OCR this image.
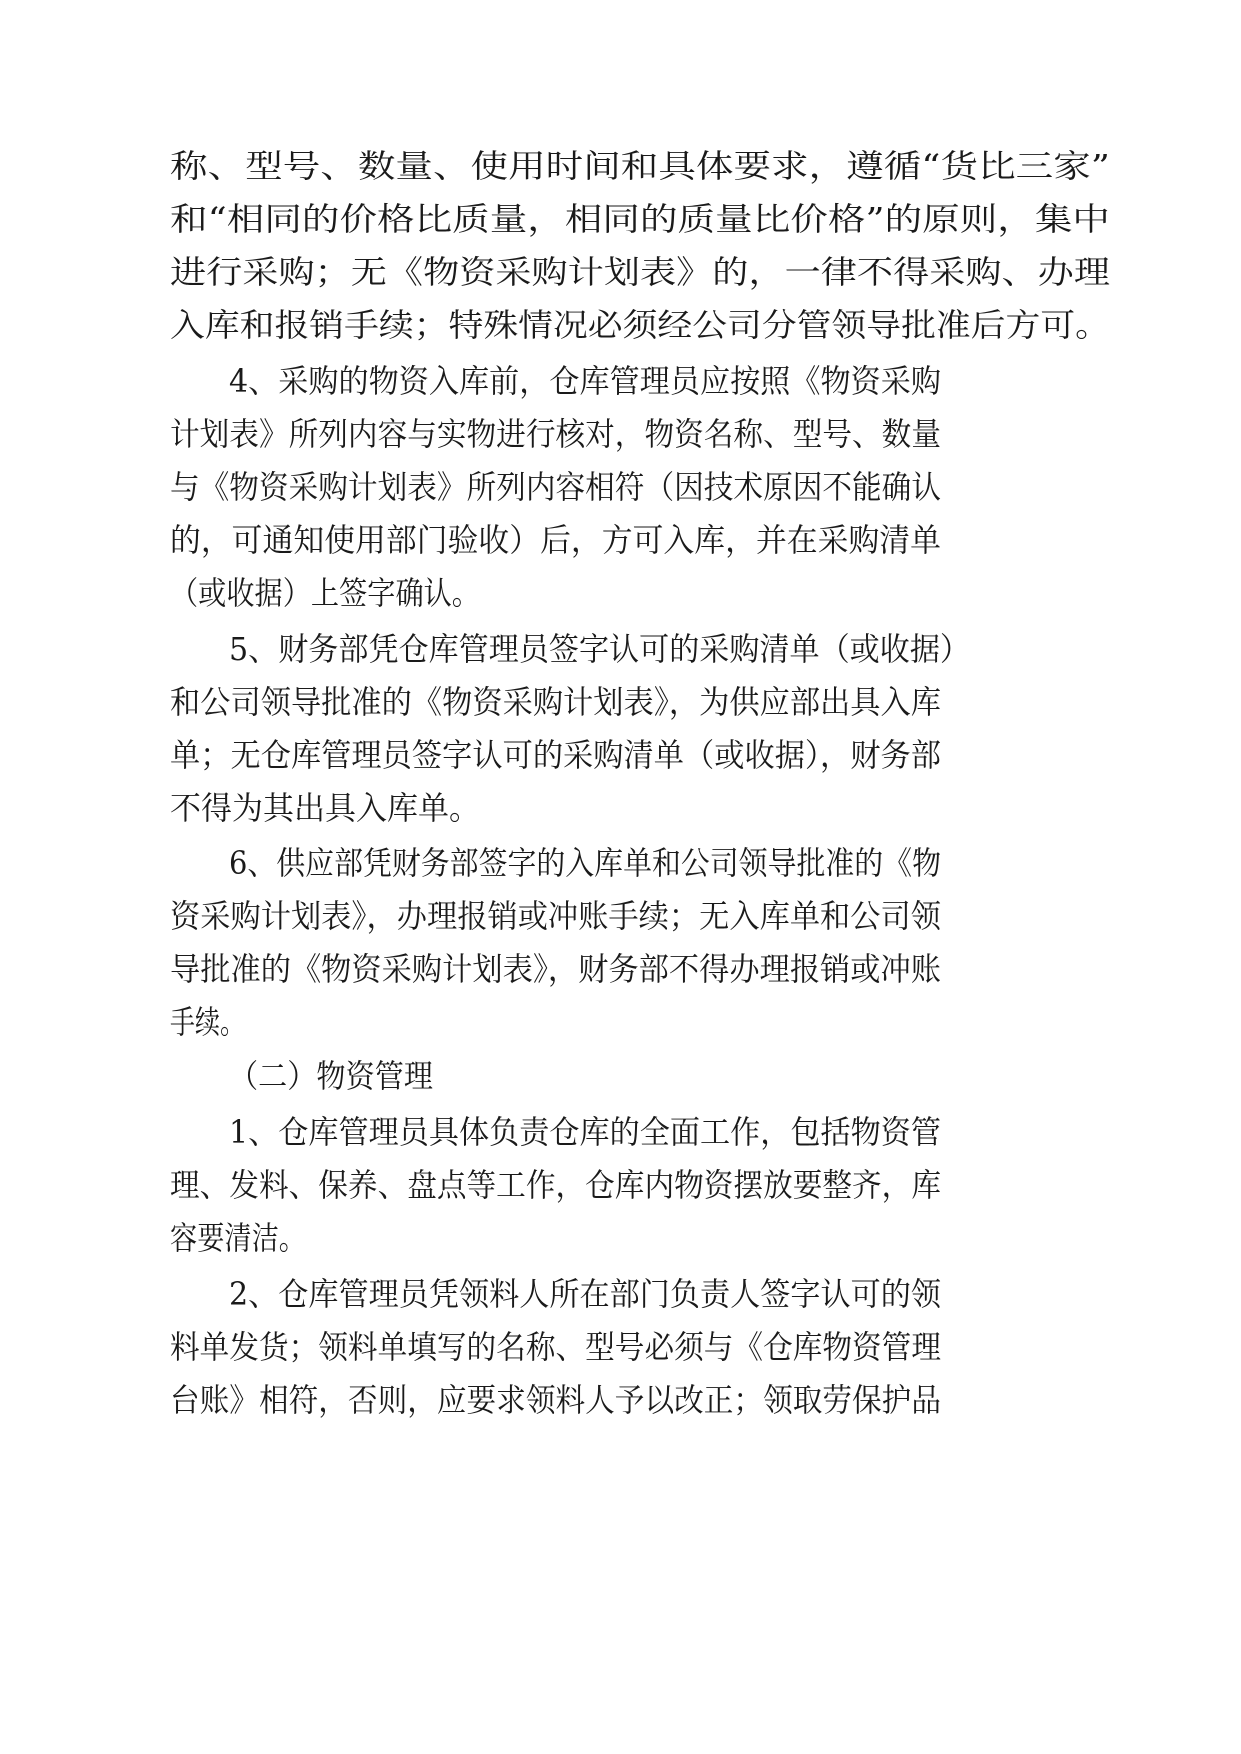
称、型号、数量、使用时间和具体要求，遵循“货比三家”
和“相同的价格比质量，相同的质量比价格”的原则，集中
进行采购；无《物资采购计划表》的，一律不得采购、办理
入库和报销手续；特殊情况必须经公司分管领导批准后方可。
4、采购的物资入库前，仓库管理员应按照《物资采购
计划表》所列内容与实物进行核对，物资名称、型号、数量
与《物资采购计划表》所列内容相符（因技术原因不能确认
的，可通知使用部门验收）后，方可入库，并在采购清单
（或收据）上签字确认。
5、财务部凭仓库管理员签字认可的采购清单（或收据）
和公司领导批准的《物资采购计划表》，为供应部出具入库
单；无仓库管理员签字认可的采购清单（或收据），财务部
不得为其出具入库单。
6、供应部凭财务部签字的入库单和公司领导批准的《物
资采购计划表》，办理报销或冲账手续；无入库单和公司领
导批准的《物资采购计划表》，财务部不得办理报销或冲账
手续。
（二）物资管理
1、仓库管理员具体负责仓库的全面工作，包括物资管
理、发料、保养、盘点等工作，仓库内物资摆放要整齐，库
容要清洁。
2、仓库管理员凭领料人所在部门负责人签字认可的领
料单发货；领料单填写的名称、型号必须与《仓库物资管理
台账》相符，否则，应要求领料人予以改正；领取劳保护品
